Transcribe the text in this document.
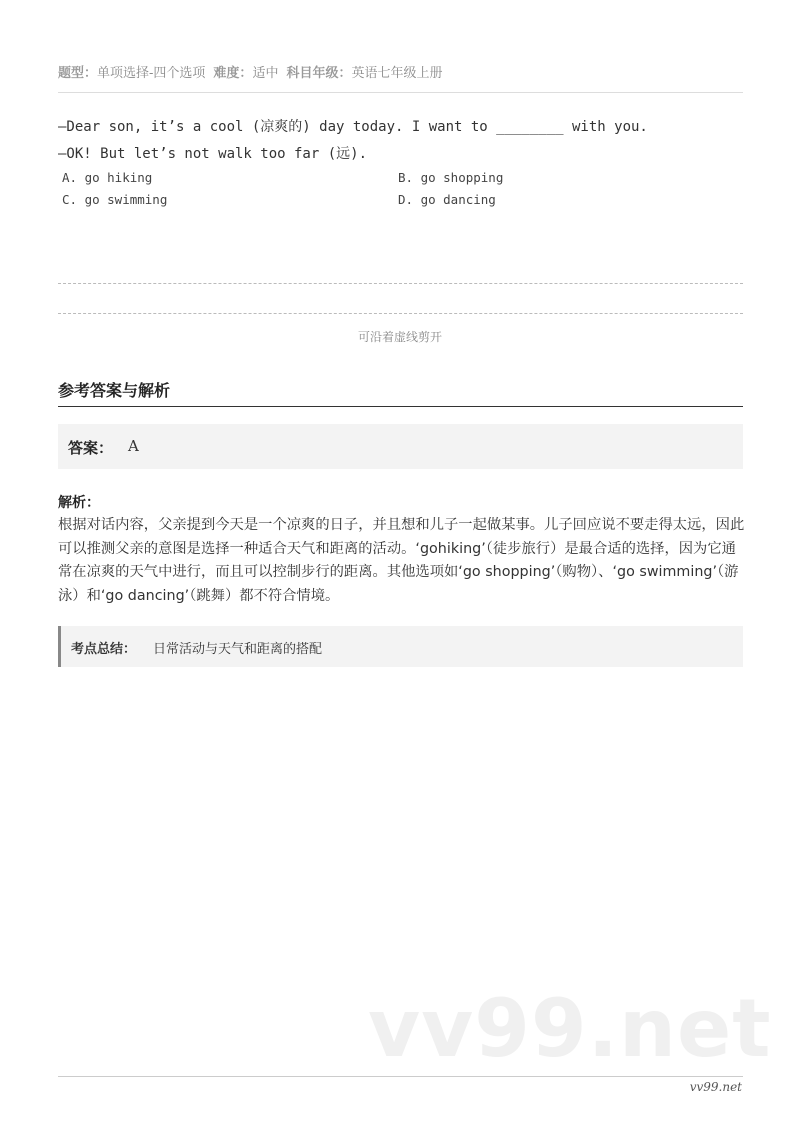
题型：单项选择-四个选项 难度：适中 科目年级：英语七年级上册
—Dear son, it’s a cool (凉爽的) day today. I want to ________ with you.
—OK! But let’s not walk too far (远).
A. go hiking	B. go shopping
C. go swimming	D. go dancing
可沿着虚线剪开
参考答案与解析
答案： A
解析：
根据对话内容，父亲提到今天是一个凉爽的日子，并且想和儿子一起做某事。儿子回应说不要走得太远，因此可以推测父亲的意图是选择一种适合天气和距离的活动。‘gohiking’（徒步旅行）是最合适的选择，因为它通常在凉爽的天气中进行，而且可以控制步行的距离。其他选项如‘go shopping’（购物）、‘go swimming’（游泳）和‘go dancing’（跳舞）都不符合情境。
考点总结： 日常活动与天气和距离的搭配
vv99.net
vv99.net
